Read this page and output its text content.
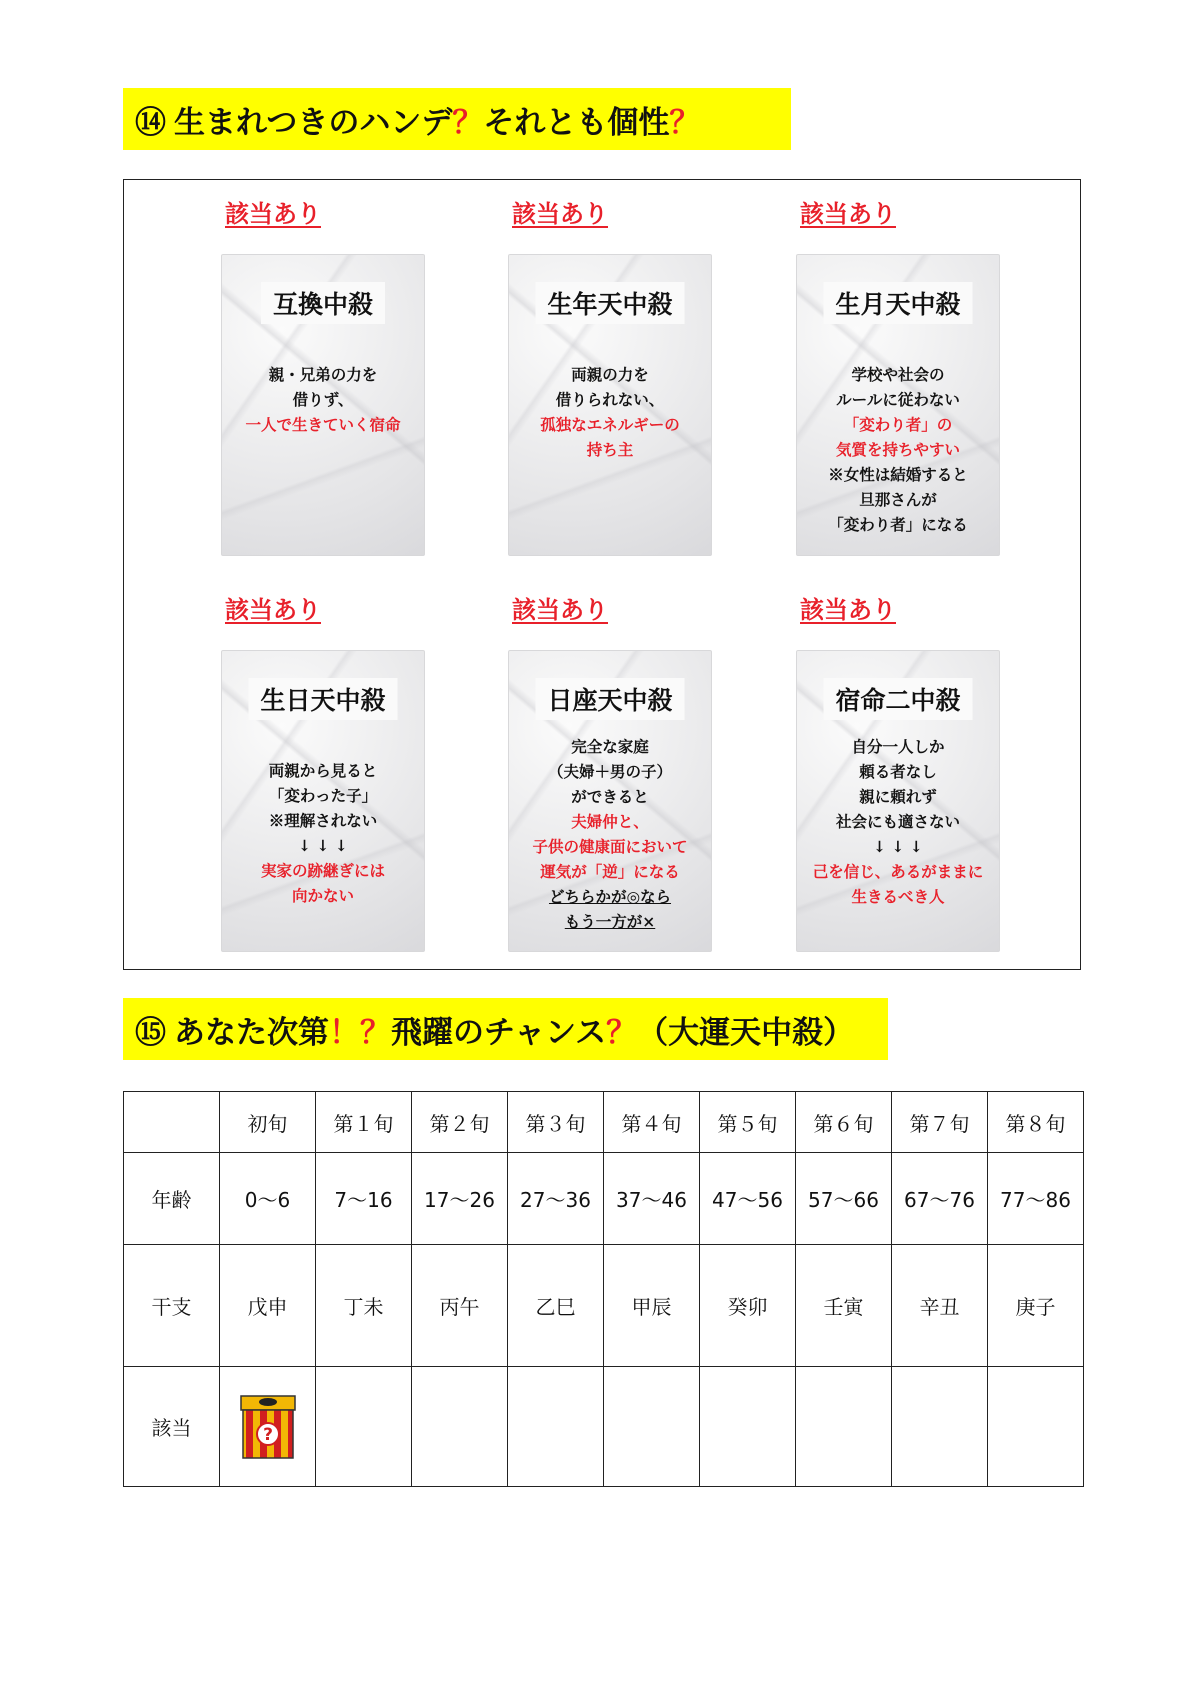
⑭ 生まれつきのハンデ ？ それとも個性 ？
該当あり
互換中殺
親・兄弟の力を
借りず、
一人で生きていく宿命
該当あり
生年天中殺
両親の力を
借りられない、
孤独なエネルギーの
持ち主
該当あり
生月天中殺
学校や社会の
ルールに従わない
「変わり者」の
気質を持ちやすい
※女性は結婚すると
旦那さんが
「変わり者」になる
該当あり
生日天中殺
両親から見ると
「変わった子」
※理解されない
↓ ↓ ↓
実家の跡継ぎには
向かない
該当あり
日座天中殺
完全な家庭
（夫婦＋男の子）
ができると
夫婦仲と、
子供の健康面において
運気が「逆」になる
どちらかが◎なら
もう一方が×
該当あり
宿命二中殺
自分一人しか
頼る者なし
親に頼れず
社会にも適さない
↓ ↓ ↓
己を信じ、あるがままに
生きるべき人
⑮ あなた次第 ！？ 飛躍のチャンス ？ （大運天中殺）
	初旬	第１旬	第２旬	第３旬	第４旬	第５旬	第６旬	第７旬	第８旬
年齢	0〜6	7〜16	17〜26	27〜36	37〜46	47〜56	57〜66	67〜76	77〜86
干支	戊申	丁未	丙午	乙巳	甲辰	癸卯	壬寅	辛丑	庚子
該当	?								
